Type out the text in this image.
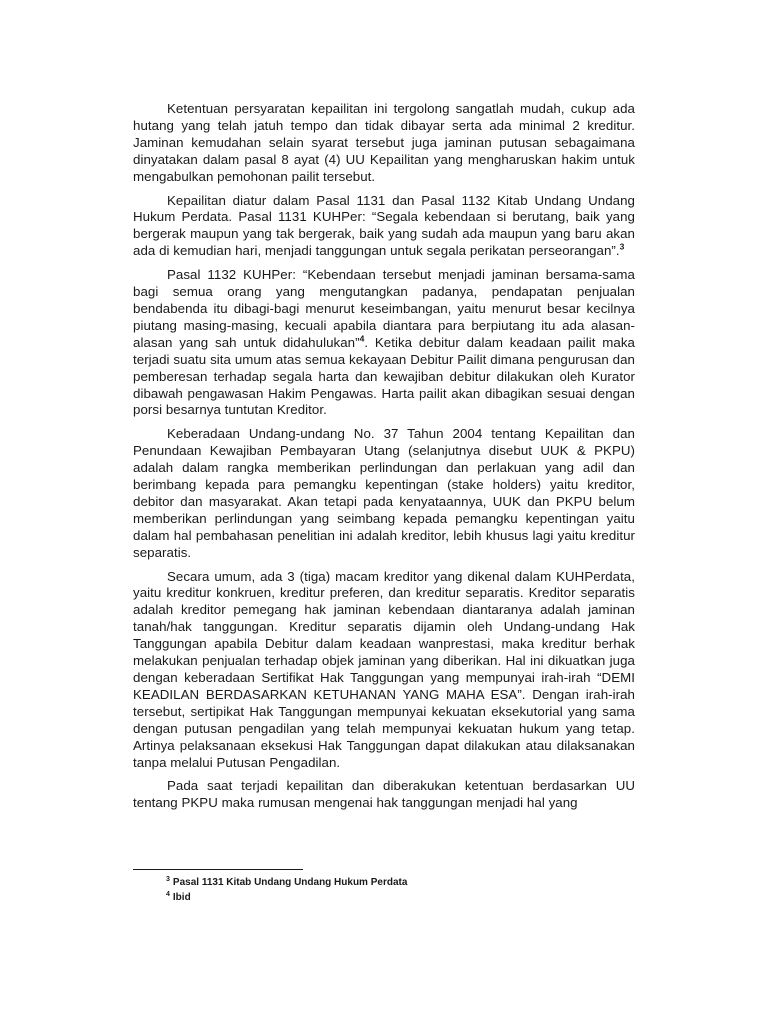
Ketentuan persyaratan kepailitan ini tergolong sangatlah mudah, cukup ada hutang yang telah jatuh tempo dan tidak dibayar serta ada minimal 2 kreditur. Jaminan kemudahan selain syarat tersebut juga jaminan putusan sebagaimana dinyatakan dalam pasal 8 ayat (4) UU Kepailitan yang mengharuskan hakim untuk mengabulkan pemohonan pailit tersebut.

Kepailitan diatur dalam Pasal 1131 dan Pasal 1132 Kitab Undang Undang Hukum Perdata. Pasal 1131 KUHPer: “Segala kebendaan si berutang, baik yang bergerak maupun yang tak bergerak, baik yang sudah ada maupun yang baru akan ada di kemudian hari, menjadi tanggungan untuk segala perikatan perseorangan”.$^3$

Pasal 1132 KUHPer: “Kebendaan tersebut menjadi jaminan bersama-sama bagi semua orang yang mengutangkan padanya, pendapatan penjualan bendabenda itu dibagi-bagi menurut keseimbangan, yaitu menurut besar kecilnya piutang masing-masing, kecuali apabila diantara para berpiutang itu ada alasan-alasan yang sah untuk didahulukan”$^4$. Ketika debitur dalam keadaan pailit maka terjadi suatu sita umum atas semua kekayaan Debitur Pailit dimana pengurusan dan pemberesan terhadap segala harta dan kewajiban debitur dilakukan oleh Kurator dibawah pengawasan Hakim Pengawas. Harta pailit akan dibagikan sesuai dengan porsi besarnya tuntutan Kreditor.

Keberadaan Undang-undang No. 37 Tahun 2004 tentang Kepailitan dan Penundaan Kewajiban Pembayaran Utang (selanjutnya disebut UUK & PKPU) adalah dalam rangka memberikan perlindungan dan perlakuan yang adil dan berimbang kepada para pemangku kepentingan (stake holders) yaitu kreditor, debitor dan masyarakat. Akan tetapi pada kenyataannya, UUK dan PKPU belum memberikan perlindungan yang seimbang kepada pemangku kepentingan yaitu dalam hal pembahasan penelitian ini adalah kreditor, lebih khusus lagi yaitu kreditur separatis.

Secara umum, ada 3 (tiga) macam kreditor yang dikenal dalam KUHPerdata, yaitu kreditur konkruen, kreditur preferen, dan kreditur separatis. Kreditor separatis adalah kreditor pemegang hak jaminan kebendaan diantaranya adalah jaminan tanah/hak tanggungan. Kreditur separatis dijamin oleh Undang-undang Hak Tanggungan apabila Debitur dalam keadaan wanprestasi, maka kreditur berhak melakukan penjualan terhadap objek jaminan yang diberikan. Hal ini dikuatkan juga dengan keberadaan Sertifikat Hak Tanggungan yang mempunyai irah-irah “DEMI KEADILAN BERDASARKAN KETUHANAN YANG MAHA ESA”. Dengan irah-irah tersebut, sertipikat Hak Tanggungan mempunyai kekuatan eksekutorial yang sama dengan putusan pengadilan yang telah mempunyai kekuatan hukum yang tetap. Artinya pelaksanaan eksekusi Hak Tanggungan dapat dilakukan atau dilaksanakan tanpa melalui Putusan Pengadilan.

Pada saat terjadi kepailitan dan diberakukan ketentuan berdasarkan UU tentang PKPU maka rumusan mengenai hak tanggungan menjadi hal yang

$^3$ Pasal 1131 Kitab Undang Undang Hukum Perdata
$^4$ Ibid
